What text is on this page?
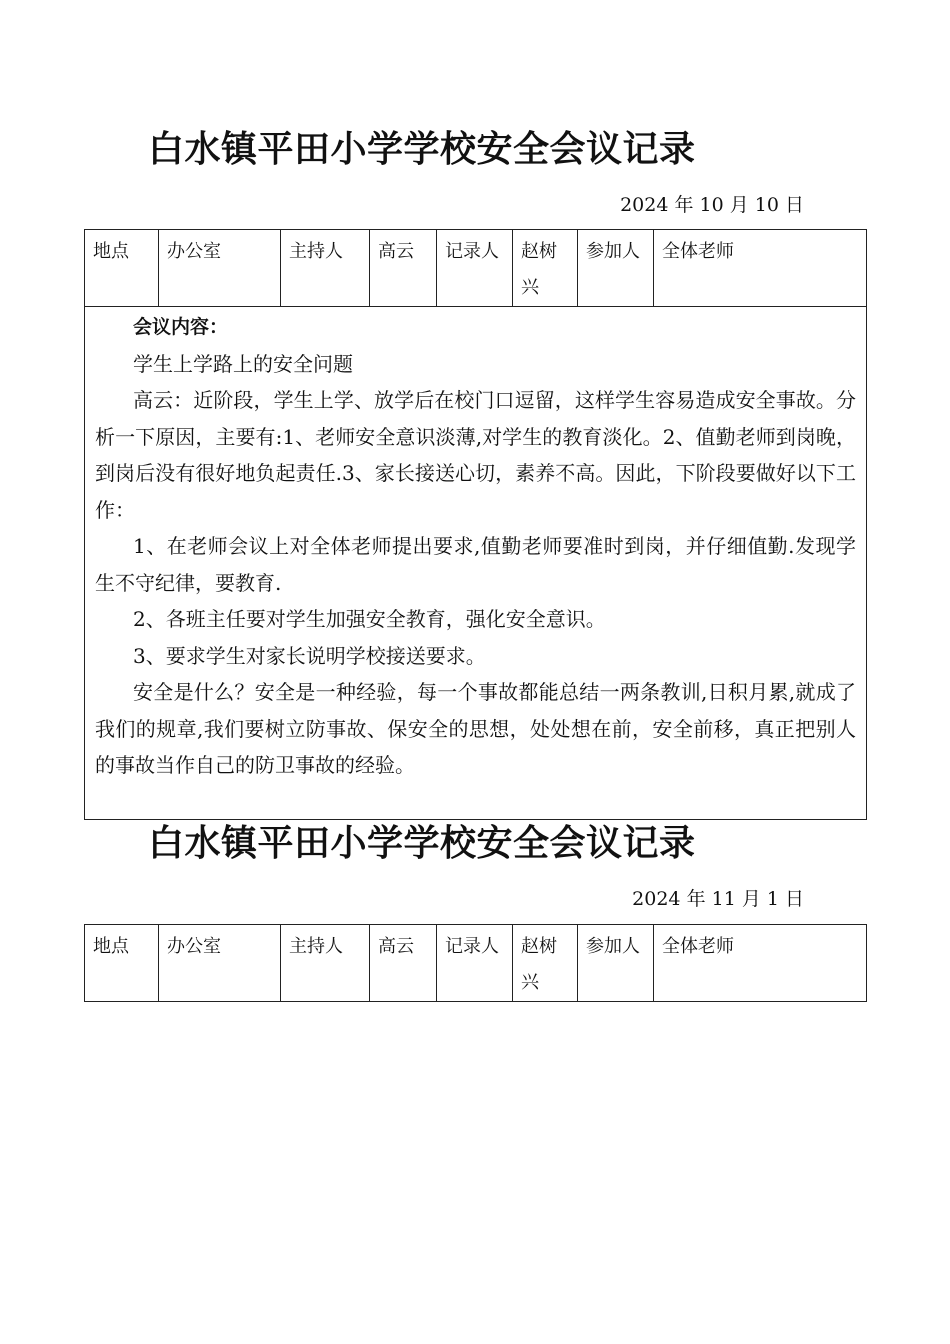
白水镇平田小学学校安全会议记录
2024 年 10 月 10 日
地点	办公室	主持人	高云	记录人	赵树兴	参加人	全体老师

会议内容：

学生上学路上的安全问题

高云：近阶段，学生上学、放学后在校门口逗留，这样学生容易造成安全事故。分析一下原因，主要有:1、老师安全意识淡薄,对学生的教育淡化。2、值勤老师到岗晚，到岗后没有很好地负起责任.3、家长接送心切，素养不高。因此，下阶段要做好以下工作：

1、在老师会议上对全体老师提出要求,值勤老师要准时到岗，并仔细值勤.发现学生不守纪律，要教育.

2、各班主任要对学生加强安全教育，强化安全意识。

3、要求学生对家长说明学校接送要求。

安全是什么？安全是一种经验，每一个事故都能总结一两条教训,日积月累,就成了我们的规章,我们要树立防事故、保安全的思想，处处想在前，安全前移，真正把别人的事故当作自己的防卫事故的经验。

白水镇平田小学学校安全会议记录
2024 年 11 月 1 日
地点	办公室	主持人	高云	记录人	赵树兴	参加人	全体老师
